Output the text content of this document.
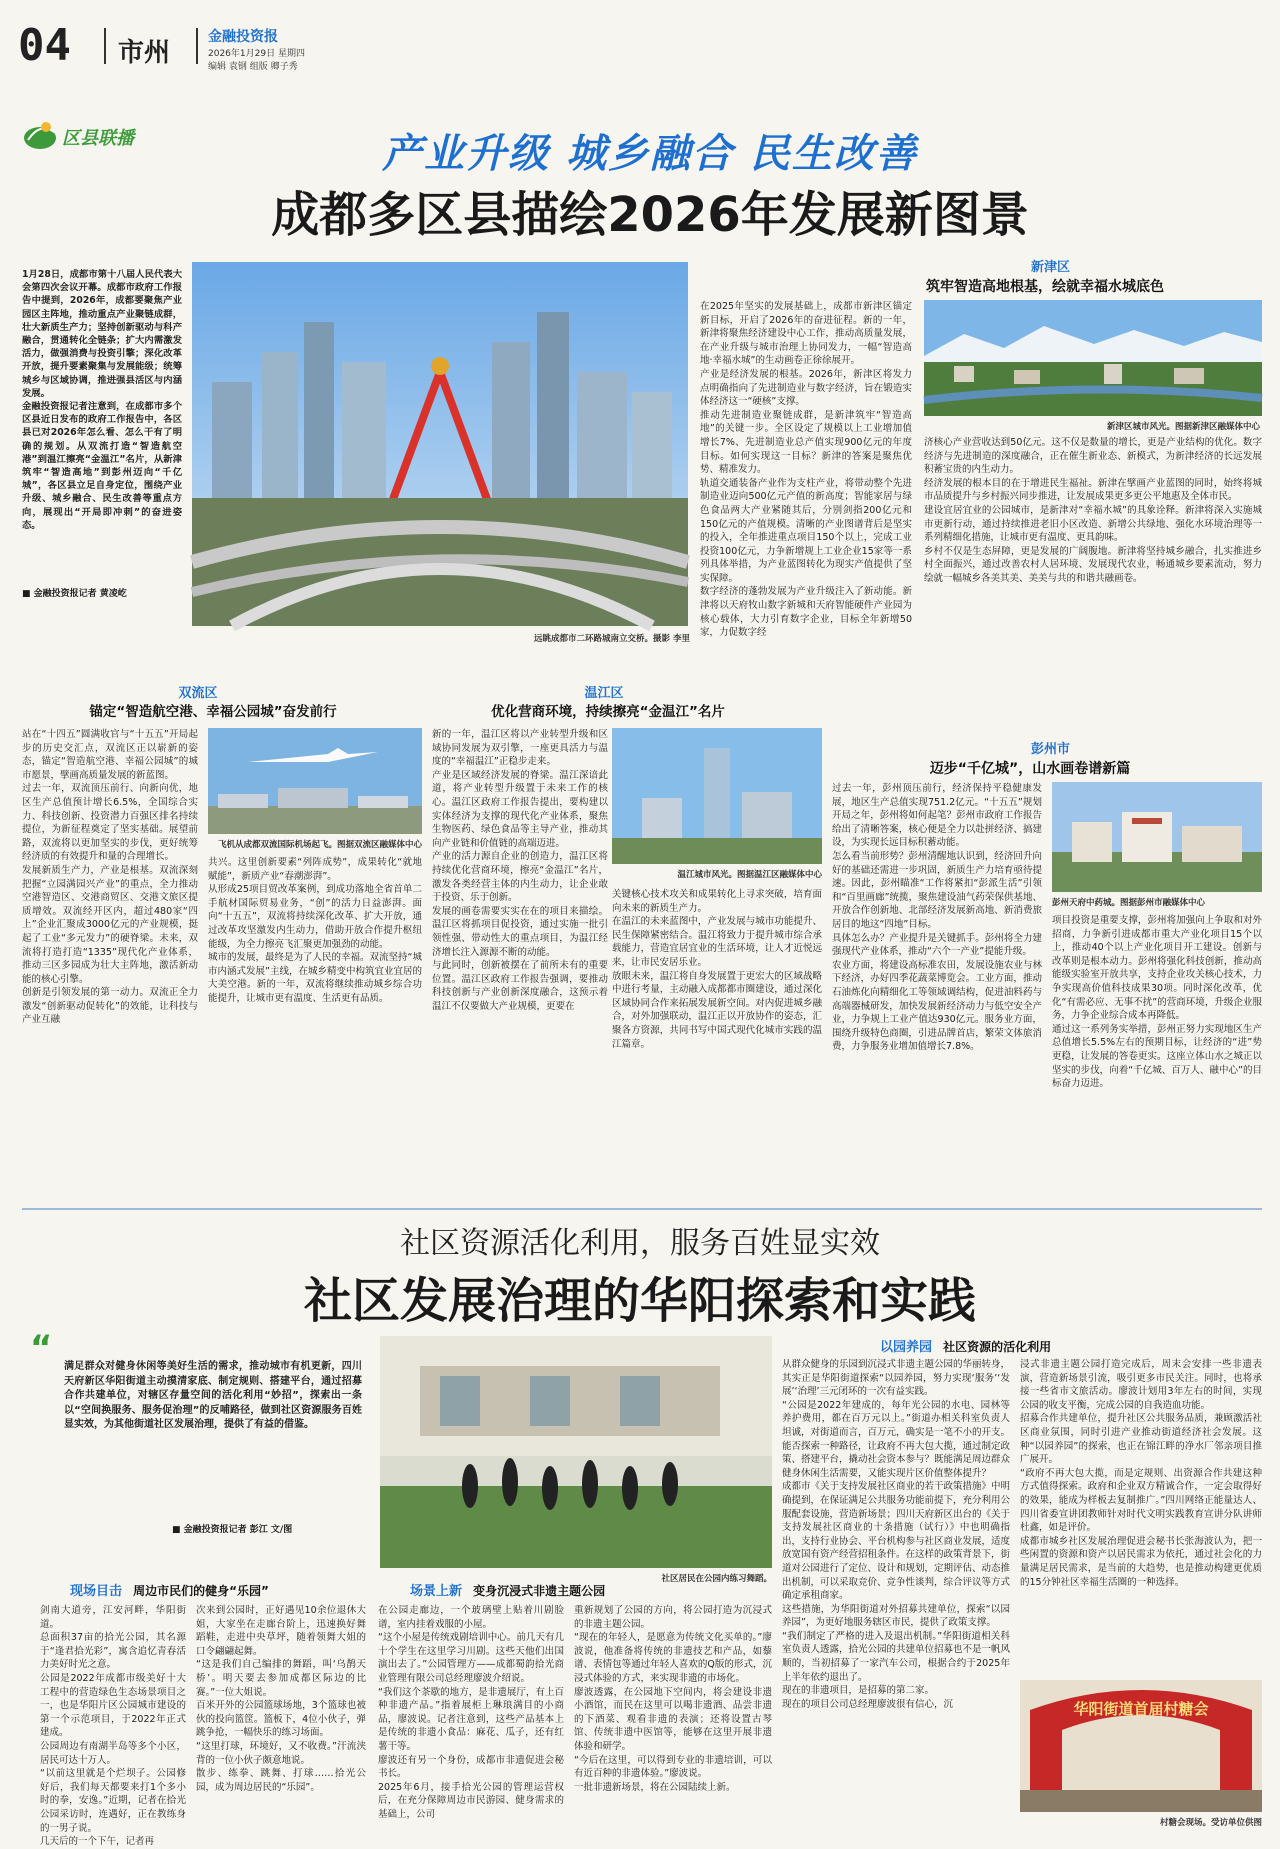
04 市州
金融投资报
2026年1月29日 星期四
编辑 袁钢 组版 卿子秀
区县联播	产业升级 城乡融合 民生改善
成都多区县描绘2026年发展新图景
1月28日，成都市第十八届人民代表大会第四次会议开幕。成都市政府工作报告中提到，2026年，成都要聚焦产业园区主阵地，推动重点产业聚链成群，壮大新质生产力；坚持创新驱动与科产融合，贯通转化全链条；扩大内需激发活力，做强消费与投资引擎；深化改革开放，提升要素聚集与发展能级；统筹城乡与区域协调，推进强县活区与内涵发展。
金融投资报记者注意到，在成都市多个区县近日发布的政府工作报告中，各区县已对2026年怎么看、怎么干有了明确的规划。从双流打造“智造航空港”到温江擦亮“金温江”名片，从新津筑牢“智造高地”到彭州迈向“千亿城”，各区县立足自身定位，围绕产业升级、城乡融合、民生改善等重点方向，展现出“开局即冲刺”的奋进姿态。
■ 金融投资报记者 黄凌屹
远眺成都市二环路城南立交桥。摄影 李里
新津区
筑牢智造高地根基，绘就幸福水城底色
在2025年坚实的发展基础上，成都市新津区锚定新目标，开启了2026年的奋进征程。新的一年，新津将聚焦经济建设中心工作，推动高质量发展，在产业升级与城市治理上协同发力，一幅“智造高地·幸福水城”的生动画卷正徐徐展开。
产业是经济发展的根基。2026年，新津区将发力点明确指向了先进制造业与数字经济，旨在锻造实体经济这一“硬核”支撑。
推动先进制造业聚链成群，是新津筑牢“智造高地”的关键一步。全区设定了规模以上工业增加值增长7%、先进制造业总产值实现900亿元的年度目标。如何实现这一目标？新津的答案是聚焦优势、精准发力。
轨道交通装备产业作为支柱产业，将带动整个先进制造业迈向500亿元产值的新高度；智能家居与绿色食品两大产业紧随其后，分别剑指200亿元和150亿元的产值规模。清晰的产业图谱背后是坚实的投入，全年推进重点项目150个以上，完成工业投资100亿元，力争新增规上工业企业15家等一系列具体举措，为产业蓝图转化为现实产值提供了坚实保障。
数字经济的蓬勃发展为产业升级注入了新动能。新津将以天府牧山数字新城和天府智能硬件产业园为核心载体，大力引育数字企业，目标全年新增50家，力促数字经
新津区城市风光。图据新津区融媒体中心
济核心产业营收达到50亿元。这不仅是数量的增长，更是产业结构的优化。数字经济与先进制造的深度融合，正在催生新业态、新模式，为新津经济的长远发展积蓄宝贵的内生动力。
经济发展的根本目的在于增进民生福祉。新津在擘画产业蓝图的同时，始终将城市品质提升与乡村振兴同步推进，让发展成果更多更公平地惠及全体市民。
建设宜居宜业的公园城市，是新津对“幸福水城”的具象诠释。新津将深入实施城市更新行动，通过持续推进老旧小区改造、新增公共绿地、强化水环境治理等一系列精细化措施，让城市更有温度、更具韵味。
乡村不仅是生态屏障，更是发展的广阔腹地。新津将坚持城乡融合，扎实推进乡村全面振兴，通过改善农村人居环境、发展现代农业，畅通城乡要素流动，努力绘就一幅城乡各美其美、美美与共的和谐共融画卷。
彭州市
迈步“千亿城”，山水画卷谱新篇
过去一年，彭州顶压前行，经济保持平稳健康发展，地区生产总值实现751.2亿元。“十五五”规划开局之年，彭州将如何起笔？彭州市政府工作报告给出了清晰答案，核心便是全力以赴拼经济、搞建设，为实现长远目标积蓄动能。
怎么看当前形势？彭州清醒地认识到，经济回升向好的基础还需进一步巩固，新质生产力培育亟待提速。因此，彭州瞄准“工作将紧扣“彭派生活”引领和“百里画廊”统揽，聚焦建设油气药荣保供基地、开放合作创新地、北部经济发展新高地、新消费旅居目的地这“四地”目标。
具体怎么办？产业提升是关键抓手。彭州将全力建强现代产业体系，推动“六个一产业”提能升级。
农业方面，将建设高标准农田，发展设施农业与林下经济，办好四季花蔬菜博览会。工业方面，推动石油炼化向精细化工等领域调结构，促进油料药与高端器械研发，加快发展新经济动力与低空安全产业，力争规上工业产值达930亿元。服务业方面，围绕升级特色商圈，引进品牌首店，繁荣文体旅消费，力争服务业增加值增长7.8%。
彭州天府中药城。图据彭州市融媒体中心
项目投资是重要支撑，彭州将加强向上争取和对外招商，力争新引进成都市重大产业化项目15个以上，推动40个以上产业化项目开工建设。创新与改革则是根本动力。彭州将强化科技创新，推动高能级实验室开放共享，支持企业攻关核心技术，力争实现高价值科技成果30项。同时深化改革，优化“有需必应、无事不扰”的营商环境，升级企业服务，力争企业综合成本再降低。
通过这一系列务实举措，彭州正努力实现地区生产总值增长5.5%左右的预期目标，让经济的“进”势更稳，让发展的答卷更实。这座立体山水之城正以坚实的步伐，向着“千亿城、百万人、融中心”的目标奋力迈进。
双流区
锚定“智造航空港、幸福公园城”奋发前行
站在“十四五”圆满收官与“十五五”开局起步的历史交汇点，双流区正以崭新的姿态，锚定“智造航空港、幸福公园城”的城市愿景，擘画高质量发展的新蓝图。
过去一年，双流顶压前行、向新向优，地区生产总值预计增长6.5%，全国综合实力、科技创新、投资潜力百强区排名持续提位，为新征程奠定了坚实基础。展望前路，双流将以更加坚实的步伐，更好统筹经济质的有效提升和量的合理增长。
发展新质生产力，产业是根基。双流深刻把握“立园满园兴产业”的重点，全力推动空港智造区、交港商贸区、交港文旅区提质增效。双流经开区内，超过480家“四上”企业汇聚成3000亿元的产业规模，挺起了工业“多元发力”的硬脊梁。未来，双流将打造打造“1335”现代化产业体系，推动三区多园成为壮大主阵地，激活新动能的核心引擎。
创新是引领发展的第一动力。双流正全力激发“创新驱动促转化”的效能，让科技与产业互融
飞机从成都双流国际机场起飞。图据双流区融媒体中心
共兴。这里创新要素“列阵成势”，成果转化“就地赋能”，新质产业“春潮澎湃”。
从形成25项目贸改革案例，到成功落地全省首单二手航材国际贸易业务，“创”的活力日益澎湃。面向“十五五”，双流将持续深化改革、扩大开放，通过改革攻坚激发内生动力，借助开放合作提升枢纽能级，为全力擦亮飞汇聚更加强劲的动能。
城市的发展，最终是为了人民的幸福。双流坚持“城市内涵式发展”主线，在城乡精变中构筑宜业宜居的大美空港。新的一年，双流将继续推动城乡综合功能提升，让城市更有温度、生活更有品质。
温江区
优化营商环境，持续擦亮“金温江”名片
新的一年，温江区将以产业转型升级和区域协同发展为双引擎，一座更具活力与温度的“幸福温江”正稳步走来。
产业是区域经济发展的脊梁。温江深谙此道，将产业转型升级置于未来工作的核心。温江区政府工作报告提出，要构建以实体经济为支撑的现代化产业体系，聚焦生物医药、绿色食品等主导产业，推动其向产业链和价值链的高端迈进。
产业的活力源自企业的创造力，温江区将持续优化营商环境，擦亮“金温江”名片，激发各类经营主体的内生动力，让企业敢于投资、乐于创新。
发展的画卷需要实实在在的项目来描绘。温江区将抓项目促投资，通过实施一批引领性强、带动性大的重点项目，为温江经济增长注入源源不断的动能。
与此同时，创新被摆在了前所未有的重要位置。温江区政府工作报告强调，要推动科技创新与产业创新深度融合，这预示着温江不仅要做大产业规模，更要在
温江城市风光。图据温江区融媒体中心
关键核心技术攻关和成果转化上寻求突破，培育面向未来的新质生产力。
在温江的未来蓝图中，产业发展与城市功能提升、民生保障紧密结合。温江将致力于提升城市综合承载能力，营造宜居宜业的生活环境，让人才近悦远来，让市民安居乐业。
放眼未来，温江将自身发展置于更宏大的区域战略中进行考量，主动融入成都都市圈建设，通过深化区域协同合作来拓展发展新空间。对内促进城乡融合，对外加强联动，温江正以开放协作的姿态，汇聚各方资源，共同书写中国式现代化城市实践的温江篇章。
社区资源活化利用，服务百姓显实效
社区发展治理的华阳探索和实践
“ 满足群众对健身休闲等美好生活的需求，推动城市有机更新，四川天府新区华阳街道主动摸清家底、制定规则、搭建平台，通过招募合作共建单位，对辖区存量空间的活化利用“妙招”，探索出一条以“空间换服务、服务促治理”的反哺路径，做到社区资源服务百姓显实效，为其他街道社区发展治理，提供了有益的借鉴。
■ 金融投资报记者 彭江 文/图
社区居民在公园内练习舞蹈。
现场目击 周边市民们的健身“乐园”
剑南大道旁，江安河畔，华阳街道。
总面积37亩的拾光公园，其名源于“逢君拾光彩”，寓含追忆青春活力美好时光之意。
公园是2022年成都市级美好十大工程中的营造绿色生态场景项目之一，也是华阳片区公园城市建设的第一个示范项目，于2022年正式建成。
公园周边有南湖半岛等多个小区，居民可达十万人。
“以前这里就是个烂坝子。公园修好后，我们每天都要来打1个多小时的拳，安逸。”近期，记者在拾光公园采访时，连遇好，正在教练身的一男子说。
几天后的一个下午，记者再
次来到公园时，正好遇见10余位退休大姐，大家坐在走廊台阶上，迅速换好舞蹈鞋，走进中央草坪，随着领舞大姐的口令翩翩起舞。
“这是我们自己编排的舞蹈，叫‘乌鹊天桥’。明天要去参加成都区际边的比赛。”一位大姐说。
百米开外的公园篮球场地，3个篮球也被伙的投向篮筐。篮板下，4位小伙子，弹跳争抢，一幅快乐的练习场面。
“这里打球，环境好，又不收费。”汗流浃背的一位小伙子颇意地说。
散步、练拳、跳舞、打球……拾光公园，成为周边居民的“乐园”。
场景上新 变身沉浸式非遗主题公园
在公园走廊边，一个玻璃壁上贴着川剧脸谱，室内挂着戏服的小屋。
“这个小屋是传统戏剧培训中心。前几天有几十个学生在这里学习川剧。这些天他们出国演出去了。”公园管理方——成都蜀韵拾光商业管理有限公司总经理廖波介绍说。
“我们这个茶歇的地方，是非遗展厅，有上百种非遗产品。”指着展柜上琳琅满目的小商品，廖波说。记者注意到，这些产品基本上是传统的非遗小食品：麻花、瓜子，还有红薯干等。
廖波还有另一个身份，成都市非遗促进会秘书长。
2025年6月，接手拾光公园的管理运营权后，在充分保障周边市民游园、健身需求的基础上，公司
重新规划了公园的方向，将公园打造为沉浸式的非遗主题公园。
“现在的年轻人，是愿意为传统文化买单的。”廖波说，他准备将传统的非遗技艺和产品，如藜谱、表情包等通过年轻人喜欢的Q版的形式，沉浸式体验的方式，来实现非遗的市场化。
廖波透露，在公园地下空间内，将会建设非遗小酒馆，而民在这里可以喝非遗酒、品尝非遗的下酒菜、观看非遗的表演；还将设置古琴馆、传统非遗中医馆等，能够在这里开展非遗体验和研学。
“今后在这里，可以得到专业的非遗培训，可以有近百种的非遗体验。”廖波说。
一批非遗新场景，将在公园陆续上新。
以园养园 社区资源的活化利用
从群众健身的乐园到沉浸式非遗主题公园的华丽转身，其实正是华阳街道探索“以园养园，努力实现‘服务’‘发展’‘治理’三元闭环的一次有益实践。
“公园是2022年建成的，每年光公园的水电、园林等养护费用，都在百万元以上。”街道办相关科室负责人坦诚，对街道而言，百万元，确实是一笔不小的开支。
能否探索一种路径，让政府不再大包大揽，通过制定政策、搭建平台，撬动社会资本参与？既能满足周边群众健身休闲生活需要，又能实现片区价值整体提升？
成都市《关于支持发展社区商业的若干政策措施》中明确提到，在保证满足公共服务功能前提下，充分利用公服配套设施，营造新场景；四川天府新区出台的《关于支持发展社区商业的十条措施（试行）》中也明确指出，支持行业协会、平台机构参与社区商业发展，适度放宽国有资产经营招租条件。在这样的政策背景下，街道对公园进行了定位、设计和规划，定期评估、动态推出机制，可以采取竞价、竞争性谈判，综合评议等方式确定承租商家。
这些措施，为华阳街道对外招募共建单位，探索“以园养园”，为更好地服务辖区市民，提供了政策支撑。
“我们制定了严格的进入及退出机制。”华阳街道相关科室负责人透露，拾光公园的共建单位招募也不是一帆风顺的，当初招募了一家汽车公司，根据合约于2025年上半年依约退出了。
现在的非遗项目，是招募的第二家。
现在的项目公司总经理廖波很有信心，沉
浸式非遗主题公园打造完成后，周末会安排一些非遗表演，营造新场景引流，吸引更多市民关注。同时，也将承接一些省市文旅活动。廖波计划用3年左右的时间，实现公园的收支平衡，完成公园的自我造血功能。
招募合作共建单位，提升社区公共服务品质，兼顾激活社区商业氛围，同时引进产业推动街道经济社会发展。这种“以园养园”的探索，也正在锦江畔的净水厂邻亲项目推广展开。
“政府不再大包大揽，而是定规则、出资源合作共建这种方式值得探索。政府和企业双方精诚合作，一定会取得好的效果，能成为样板去复制推广。”四川网络正能量达人、四川省委宣讲团教师针对时代文明实践教育宣讲分队讲师杜鑫，如是评价。
成都市城乡社区发展治理促进会秘书长张海波认为，把一些闲置的资源和资产以居民需求为依托，通过社会化的力量满足居民需求，是当前的大趋势，也是推动构建更优质的15分钟社区幸福生活圈的一种选择。
华阳街道首届村糖会
村糖会现场。受访单位供图
